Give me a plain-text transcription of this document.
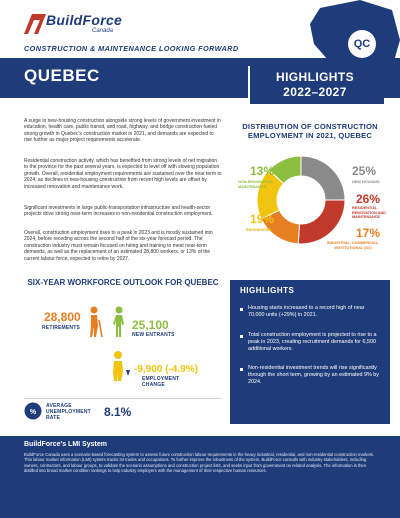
BuildForce
Canada
CONSTRUCTION & MAINTENANCE LOOKING FORWARD	QC
QUEBEC	HIGHLIGHTS
2022–2027
A surge in new-housing construction alongside strong levels of government investment in education, health care, public transit, and road, highway, and bridge construction fueled strong growth in Quebec's construction market in 2021, and demands are expected to rise further as major project requirements accelerate.
Residential construction activity, which has benefited from strong levels of net migration to the province for the past several years, is expected to level off with slowing population growth. Overall, residential employment requirements are sustained over the near term to 2024, as declines in new-housing construction from recent high levels are offset by increased renovation and maintenance work.
Significant investments in large public-transportation infrastructure and health-sector projects drive strong near-term increases in non-residential construction employment.
Overall, construction employment rises to a peak in 2023 and is mostly sustained into 2024, before receding across the second half of the six-year forecast period. The construction industry must remain focused on hiring and training to meet near-term demands, as well as the replacement of an estimated 28,800 workers, or 13% of the current labour force, expected to retire by 2027.
DISTRIBUTION OF CONSTRUCTION EMPLOYMENT IN 2021, QUEBEC
25%
NEW HOUSING
26%
RESIDENTIAL RENOVATION AND MAINTENANCE
17%
INDUSTRIAL, COMMERCIAL, INSTITUTIONAL (ICI)
19%
ENGINEERING
13%
NON-RESIDENTIAL MAINTENANCE
SIX-YEAR WORKFORCE OUTLOOK FOR QUEBEC
28,800
RETIREMENTS	25,100
NEW ENTRANTS
-9,900 (-4.9%)
EMPLOYMENT
CHANGE
%
AVERAGE
UNEMPLOYMENT
RATE	8.1%
HIGHLIGHTS
Housing starts increased to a record high of near 70,000 units (+29%) in 2021.
Total construction employment is projected to rise to a peak in 2023, creating recruitment demands for 6,500 additional workers.
Non-residential investment trends will rise significantly through the short term, growing by an estimated 9% by 2024.
BuildForce's LMI System
BuildForce Canada uses a scenario-based forecasting system to assess future construction labour requirements in the heavy industrial, residential, and non-residential construction markets. This labour market information (LMI) system tracks 34 trades and occupations. To further improve the robustness of the system, BuildForce consults with industry stakeholders, including owners, contractors, and labour groups, to validate the scenario assumptions and construction project lists, and seeks input from government on related analysis. The information is then distilled into broad market condition rankings to help industry employers with the management of their respective human resources.
